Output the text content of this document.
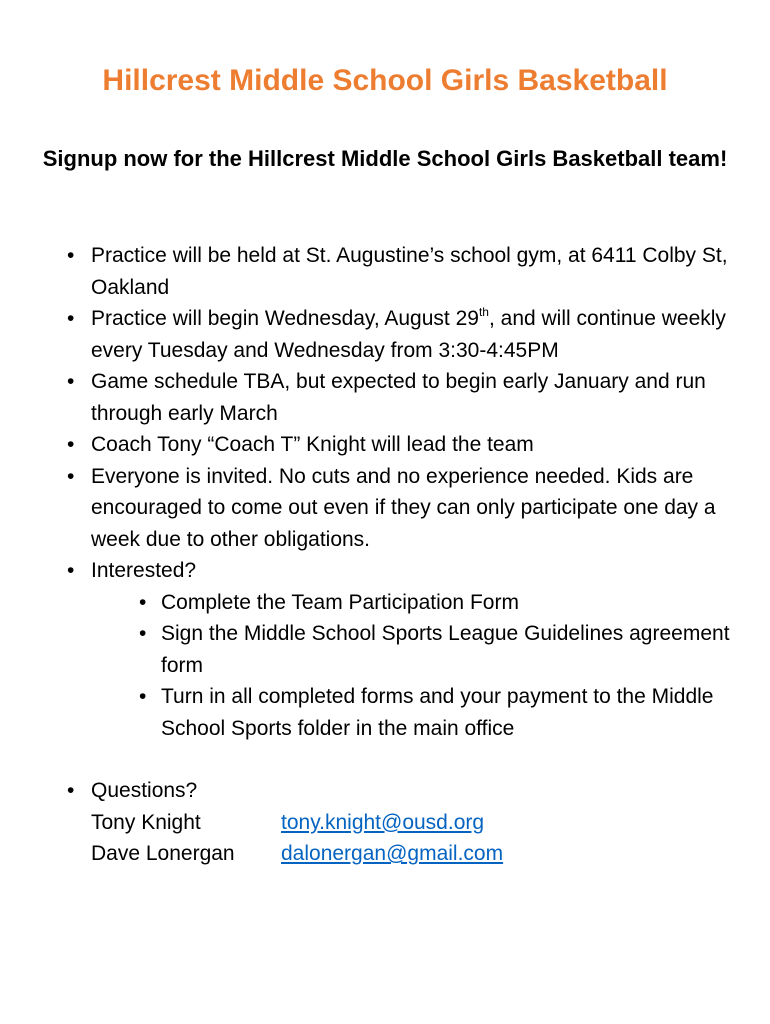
Hillcrest Middle School Girls Basketball
Signup now for the Hillcrest Middle School Girls Basketball team!
• Practice will be held at St. Augustine’s school gym, at 6411 Colby St, Oakland
• Practice will begin Wednesday, August 29th, and will continue weekly every Tuesday and Wednesday from 3:30-4:45PM
• Game schedule TBA, but expected to begin early January and run through early March
• Coach Tony “Coach T” Knight will lead the team
• Everyone is invited. No cuts and no experience needed. Kids are encouraged to come out even if they can only participate one day a week due to other obligations.
• Interested?
• Complete the Team Participation Form
• Sign the Middle School Sports League Guidelines agreement form
• Turn in all completed forms and your payment to the Middle School Sports folder in the main office
• Questions?
Tony Knight	tony.knight@ousd.org
Dave Lonergan dalonergan@gmail.com
